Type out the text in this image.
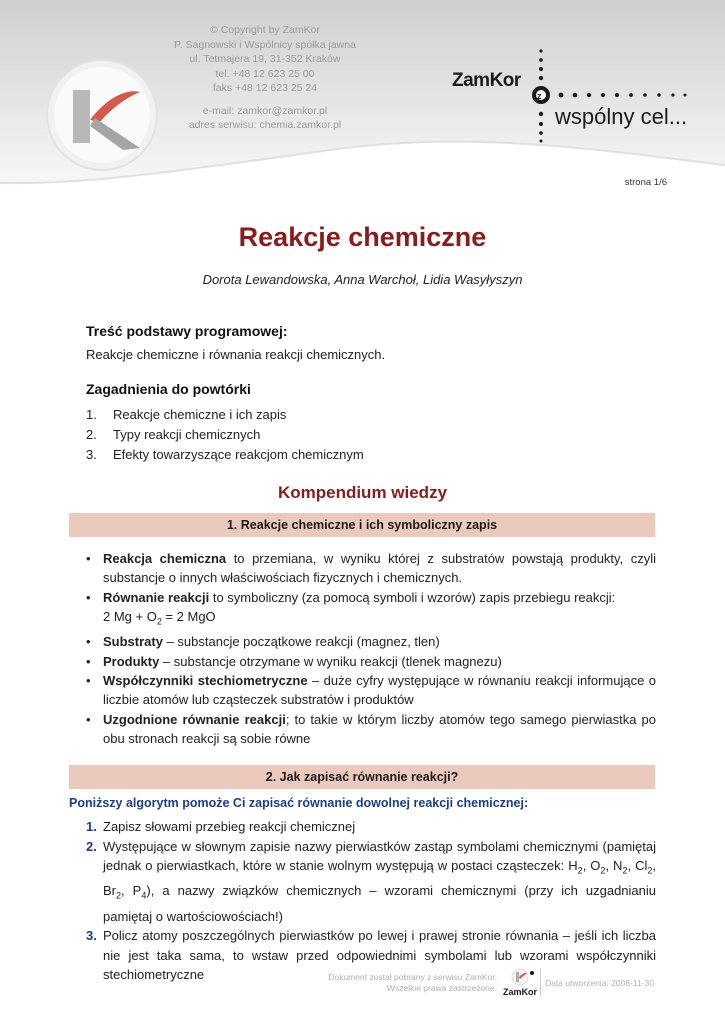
© Copyright by ZamKor
P. Sagnowski i Wspólnicy spółka jawna
ul. Tetmajera 19, 31-352 Kraków
tel. +48 12 623 25 00
faks +48 12 623 25 24
e-mail: zamkor@zamkor.pl
adres serwisu: chemia.zamkor.pl
ZamKor
z
wspólny cel...
strona 1/6
Reakcje chemiczne
Dorota Lewandowska, Anna Warchoł, Lidia Wasyłyszyn
Treść podstawy programowej:
Reakcje chemiczne i równania reakcji chemicznych.
Zagadnienia do powtórki
1.	Reakcje chemiczne i ich zapis
2.	Typy reakcji chemicznych
3.	Efekty towarzyszące reakcjom chemicznym
Kompendium wiedzy
1. Reakcje chemiczne i ich symboliczny zapis
• Reakcja chemiczna to przemiana, w wyniku której z substratów powstają produkty, czyli substancje o innych właściwościach fizycznych i chemicznych.
• Równanie reakcji to symboliczny (za pomocą symboli i wzorów) zapis przebiegu reakcji:
2 $Mg + O_2 = 2$ MgO
• Substraty – substancje początkowe reakcji (magnez, tlen)
• Produkty – substancje otrzymane w wyniku reakcji (tlenek magnezu)
• Współczynniki stechiometryczne – duże cyfry występujące w równaniu reakcji informujące o liczbie atomów lub cząsteczek substratów i produktów
• Uzgodnione równanie reakcji; to takie w którym liczby atomów tego samego pierwiastka po obu stronach reakcji są sobie równe
2. Jak zapisać równanie reakcji?
Poniższy algorytm pomoże Ci zapisać równanie dowolnej reakcji chemicznej:
1. Zapisz słowami przebieg reakcji chemicznej
2. Występujące w słownym zapisie nazwy pierwiastków zastąp symbolami chemicznymi (pamiętaj jednak o pierwiastkach, które w stanie wolnym występują w postaci cząsteczek: $H_2$, $O_2$, $N_2$, $Cl_2$, $Br_2$, $P_4$), a nazwy związków chemicznych – wzorami chemicznymi (przy ich uzgadnianiu pamiętaj o wartościowościach!)
3. Policz atomy poszczególnych pierwiastków po lewej i prawej stronie równania – jeśli ich liczba nie jest taka sama, to wstaw przed odpowiednimi symbolami lub wzorami współczynniki stechiometryczne	Dokument został pobrany z serwisu ZamKor.
Wszelkie prawa zastrzeżone. ZamKor
Data utworzenia: 2008-11-30
